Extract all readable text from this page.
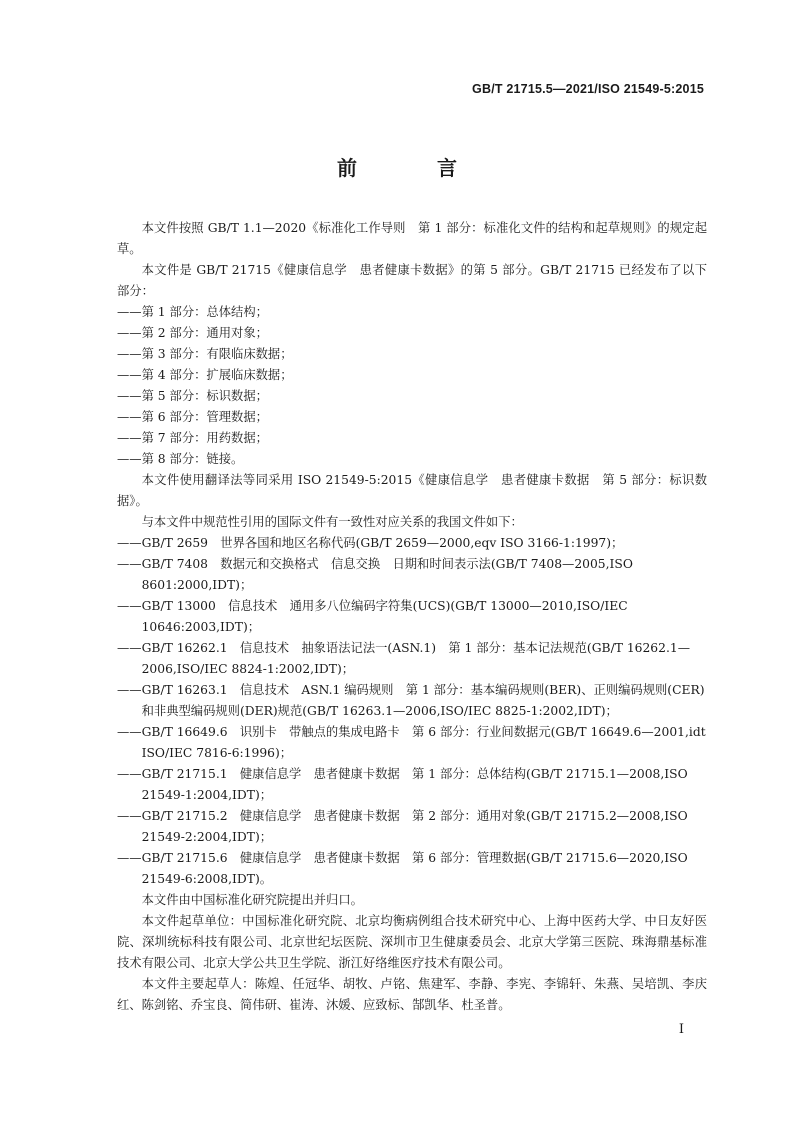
GB/T 21715.5—2021/ISO 21549-5:2015
前　言

本文件按照 GB/T 1.1—2020《标准化工作导则　第 1 部分：标准化文件的结构和起草规则》的规定起草。

本文件是 GB/T 21715《健康信息学　患者健康卡数据》的第 5 部分。GB/T 21715 已经发布了以下部分：

——第 1 部分：总体结构；

——第 2 部分：通用对象；

——第 3 部分：有限临床数据；

——第 4 部分：扩展临床数据；

——第 5 部分：标识数据；

——第 6 部分：管理数据；

——第 7 部分：用药数据；

——第 8 部分：链接。

本文件使用翻译法等同采用 ISO 21549-5:2015《健康信息学　患者健康卡数据　第 5 部分：标识数据》。

与本文件中规范性引用的国际文件有一致性对应关系的我国文件如下：

——GB/T 2659　世界各国和地区名称代码(GB/T 2659—2000,eqv ISO 3166-1:1997)；

——GB/T 7408　数据元和交换格式　信息交换　日期和时间表示法(GB/T 7408—2005,ISO 8601:2000,IDT)；

——GB/T 13000　信息技术　通用多八位编码字符集(UCS)(GB/T 13000—2010,ISO/IEC 10646:2003,IDT)；

——GB/T 16262.1　信息技术　抽象语法记法一(ASN.1)　第 1 部分：基本记法规范(GB/T 16262.1—2006,ISO/IEC 8824-1:2002,IDT)；

——GB/T 16263.1　信息技术　ASN.1 编码规则　第 1 部分：基本编码规则(BER)、正则编码规则(CER)和非典型编码规则(DER)规范(GB/T 16263.1—2006,ISO/IEC 8825-1:2002,IDT)；

——GB/T 16649.6　识别卡　带触点的集成电路卡　第 6 部分：行业间数据元(GB/T 16649.6—2001,idt ISO/IEC 7816-6:1996)；

——GB/T 21715.1　健康信息学　患者健康卡数据　第 1 部分：总体结构(GB/T 21715.1—2008,ISO 21549-1:2004,IDT)；

——GB/T 21715.2　健康信息学　患者健康卡数据　第 2 部分：通用对象(GB/T 21715.2—2008,ISO 21549-2:2004,IDT)；

——GB/T 21715.6　健康信息学　患者健康卡数据　第 6 部分：管理数据(GB/T 21715.6—2020,ISO 21549-6:2008,IDT)。

本文件由中国标准化研究院提出并归口。

本文件起草单位：中国标准化研究院、北京均衡病例组合技术研究中心、上海中医药大学、中日友好医院、深圳统标科技有限公司、北京世纪坛医院、深圳市卫生健康委员会、北京大学第三医院、珠海鼎基标准技术有限公司、北京大学公共卫生学院、浙江好络维医疗技术有限公司。

本文件主要起草人：陈煌、任冠华、胡牧、卢铭、焦建军、李静、李宪、李锦轩、朱燕、吴培凯、李庆红、陈剑铭、乔宝良、简伟研、崔涛、沐媛、应致标、郜凯华、杜圣普。

I
